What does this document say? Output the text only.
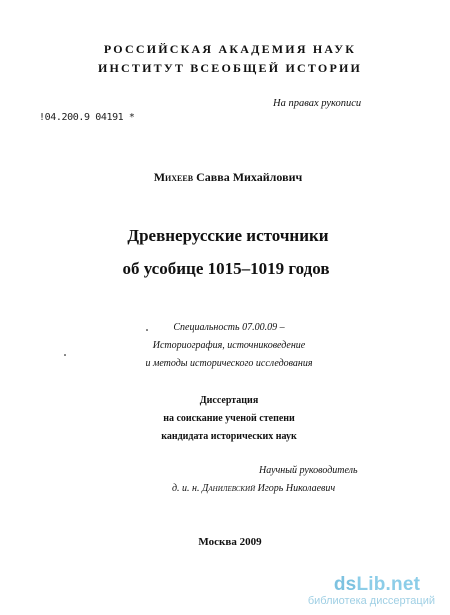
РОССИЙСКАЯ АКАДЕМИЯ НАУК
ИНСТИТУТ ВСЕОБЩЕЙ ИСТОРИИ
На правах рукописи
!04.200.9 04191 *
Михеев Савва Михайлович
Древнерусские источники
об усобице 1015–1019 годов
Специальность 07.00.09 –
Историография, источниковедение
и методы исторического исследования
Диссертация
на соискание ученой степени
кандидата исторических наук
Научный руководитель
д. и. н. Данилевский Игорь Николаевич
Москва 2009
dsLib.net
библиотека диссертаций
